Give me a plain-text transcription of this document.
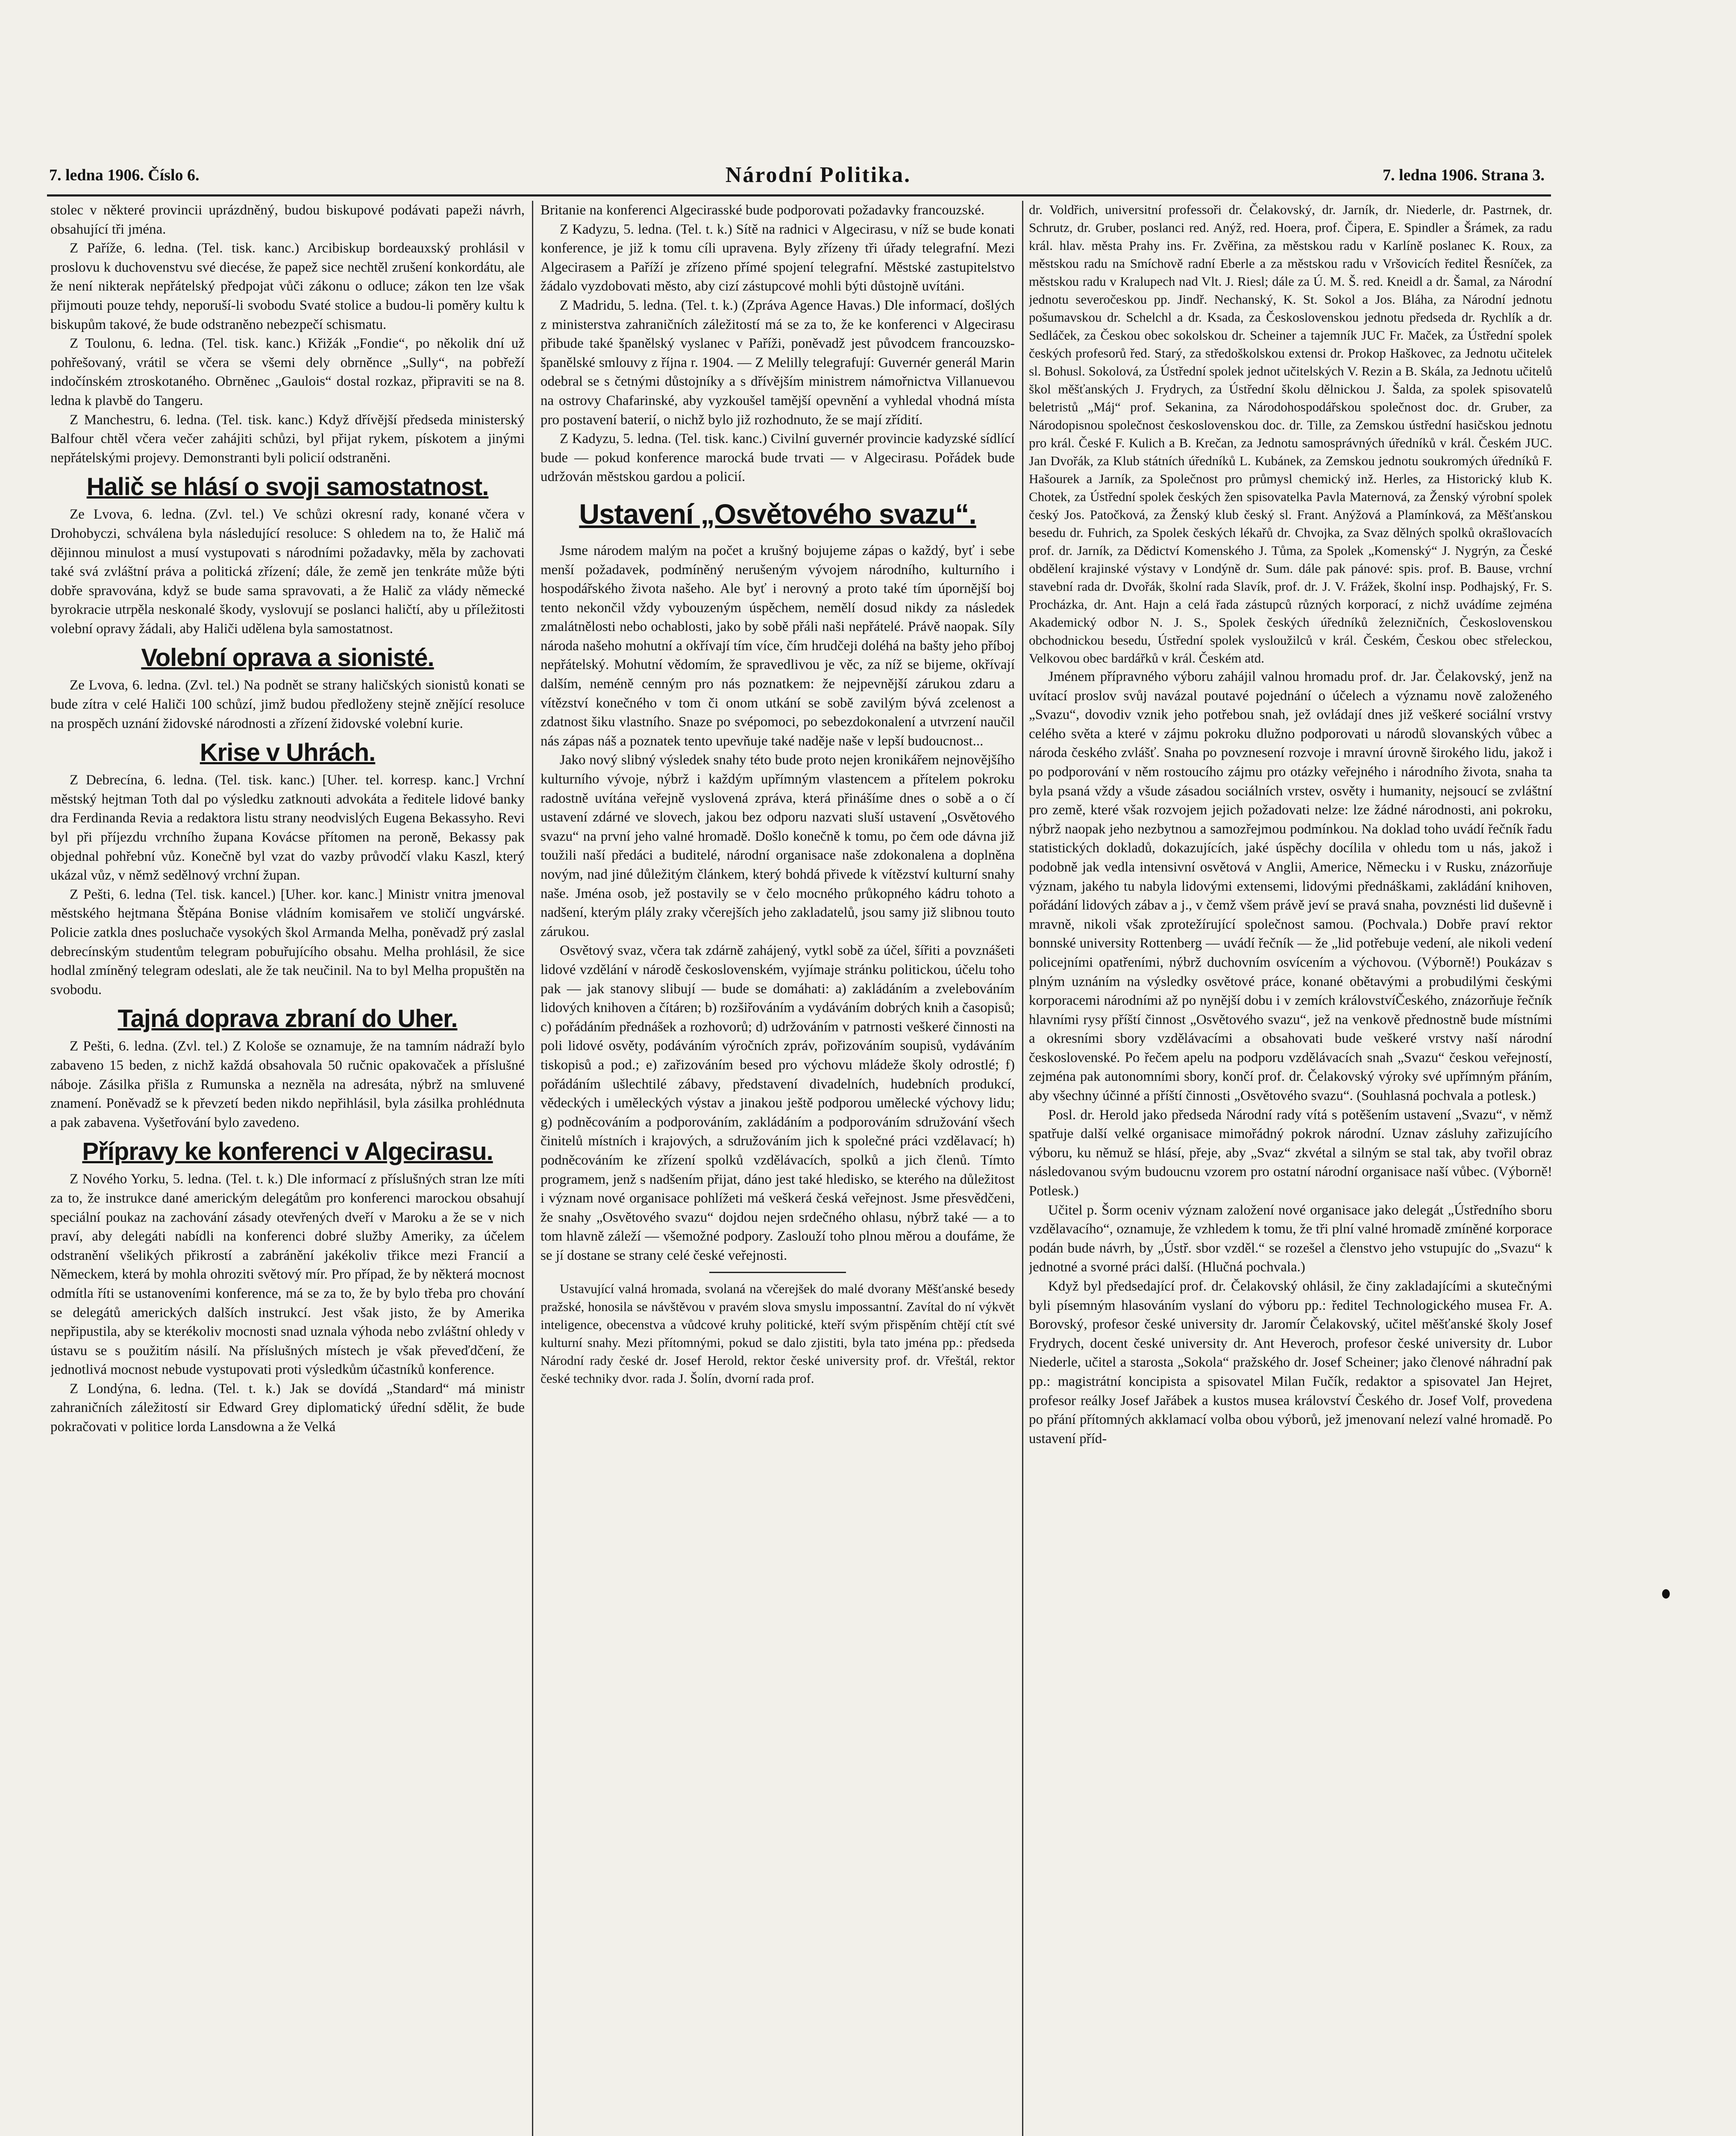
7. ledna 1906. Číslo 6.	Národní Politika.	7. ledna 1906. Strana 3.

stolec v některé provincii uprázdněný, budou biskupové podávati papeži návrh, obsahující tři jména.

Z Paříže, 6. ledna. (Tel. tisk. kanc.) Arcibiskup bordeauxský prohlásil v proslovu k duchovenstvu své diecése, že papež sice nechtěl zrušení konkordátu, ale že není nikterak nepřátelský předpojat vůči zákonu o odluce; zákon ten lze však přijmouti pouze tehdy, neporuší-li svobodu Svaté stolice a budou-li poměry kultu k biskupům takové, že bude odstraněno nebezpečí schismatu.

Z Toulonu, 6. ledna. (Tel. tisk. kanc.) Křižák „Fondie“, po několik dní už pohřešovaný, vrátil se včera se všemi dely obrněnce „Sully“, na pobřeží indočínském ztroskotaného. Obrněnec „Gaulois“ dostal rozkaz, připraviti se na 8. ledna k plavbě do Tangeru.

Z Manchestru, 6. ledna. (Tel. tisk. kanc.) Když dřívější předseda ministerský Balfour chtěl včera večer zahájiti schůzi, byl přijat rykem, pískotem a jinými nepřátelskými projevy. Demonstranti byli policií odstraněni.

Halič se hlásí o svoji samostatnost.

Ze Lvova, 6. ledna. (Zvl. tel.) Ve schůzi okresní rady, konané včera v Drohobyczi, schválena byla následující resoluce: S ohledem na to, že Halič má dějinnou minulost a musí vystupovati s národními požadavky, měla by zachovati také svá zvláštní práva a politická zřízení; dále, že země jen tenkráte může býti dobře spravována, když se bude sama spravovati, a že Halič za vlády německé byrokracie utrpěla neskonalé škody, vyslovují se poslanci haličtí, aby u příležitosti volební opravy žádali, aby Haliči udělena byla samostatnost.

Volební oprava a sionisté.

Ze Lvova, 6. ledna. (Zvl. tel.) Na podnět se strany haličských sionistů konati se bude zítra v celé Haliči 100 schůzí, jimž budou předloženy stejně znějící resoluce na prospěch uznání židovské národnosti a zřízení židovské volební kurie.

Krise v Uhrách.

Z Debrecína, 6. ledna. (Tel. tisk. kanc.) [Uher. tel. korresp. kanc.] Vrchní městský hejtman Toth dal po výsledku zatknouti advokáta a ředitele lidové banky dra Ferdinanda Revia a redaktora listu strany neodvislých Eugena Bekassyho. Revi byl při příjezdu vrchního župana Kovácse přítomen na peroně, Bekassy pak objednal pohřební vůz. Konečně byl vzat do vazby průvodčí vlaku Kaszl, který ukázal vůz, v němž sedělnový vrchní župan.

Z Pešti, 6. ledna (Tel. tisk. kancel.) [Uher. kor. kanc.] Ministr vnitra jmenoval městského hejtmana Štěpána Bonise vládním komisařem ve stoličí ungvárské. Policie zatkla dnes posluchače vysokých škol Armanda Melha, poněvadž prý zaslal debrecínským studentům telegram pobuřujícího obsahu. Melha prohlásil, že sice hodlal zmíněný telegram odeslati, ale že tak neučinil. Na to byl Melha propuštěn na svobodu.

Tajná doprava zbraní do Uher.

Z Pešti, 6. ledna. (Zvl. tel.) Z Kološe se oznamuje, že na tamním nádraží bylo zabaveno 15 beden, z nichž každá obsahovala 50 ručnic opakovaček a příslušné náboje. Zásilka přišla z Rumunska a nezněla na adresáta, nýbrž na smluvené znamení. Poněvadž se k převzetí beden nikdo nepřihlásil, byla zásilka prohlédnuta a pak zabavena. Vyšetřování bylo zavedeno.

Přípravy ke konferenci v Algecirasu.

Z Nového Yorku, 5. ledna. (Tel. t. k.) Dle informací z příslušných stran lze míti za to, že instrukce dané americkým delegátům pro konferenci marockou obsahují speciální poukaz na zachování zásady otevřených dveří v Maroku a že se v nich praví, aby delegáti nabídli na konferenci dobré služby Ameriky, za účelem odstranění všelikých přikrostí a zabránění jakékoliv třikce mezi Francií a Německem, která by mohla ohroziti světový mír. Pro případ, že by některá mocnost odmítla říti se ustanoveními konference, má se za to, že by bylo třeba pro chování se delegátů amerických dalších instrukcí. Jest však jisto, že by Amerika nepřipustila, aby se kterékoliv mocnosti snad uznala výhoda nebo zvláštní ohledy v ústavu se s použitím násilí. Na příslušných místech je však převeďdčení, že jednotlivá mocnost nebude vystupovati proti výsledkům účastníků konference.

Z Londýna, 6. ledna. (Tel. t. k.) Jak se dovídá „Standard“ má ministr zahraničních záležitostí sir Edward Grey diplomatický úřední sdělit, že bude pokračovati v politice lorda Lansdowna a že Velká

Britanie na konferenci Algecirasské bude podporovati požadavky francouzské.

Z Kadyzu, 5. ledna. (Tel. t. k.) Sítě na radnici v Algecirasu, v níž se bude konati konference, je již k tomu cíli upravena. Byly zřízeny tři úřady telegrafní. Mezi Algecirasem a Paříží je zřízeno přímé spojení telegrafní. Městské zastupitelstvo žádalo vyzdobovati město, aby cizí zástupcové mohli býti důstojně uvítáni.

Z Madridu, 5. ledna. (Tel. t. k.) (Zpráva Agence Havas.) Dle informací, došlých z ministerstva zahraničních záležitostí má se za to, že ke konferenci v Algecirasu přibude také španělský vyslanec v Paříži, poněvadž jest původcem francouzsko-španělské smlouvy z října r. 1904. — Z Melilly telegrafují: Guvernér generál Marin odebral se s četnými důstojníky a s dřívějším ministrem námořnictva Villanuevou na ostrovy Chafarinské, aby vyzkoušel tamější opevnění a vyhledal vhodná místa pro postavení baterií, o nichž bylo již rozhodnuto, že se mají zřídití.

Z Kadyzu, 5. ledna. (Tel. tisk. kanc.) Civilní guvernér provincie kadyzské sídlící bude — pokud konference marocká bude trvati — v Algecirasu. Pořádek bude udržován městskou gardou a policií.

Ustavení „Osvětového svazu“.

Jsme národem malým na počet a krušný bojujeme zápas o každý, byť i sebe menší požadavek, podmíněný nerušeným vývojem národního, kulturního i hospodářského života našeho. Ale byť i nerovný a proto také tím úpornější boj tento nekončil vždy vybouzeným úspěchem, nemělí dosud nikdy za následek zmalátnělosti nebo ochablosti, jako by sobě přáli naši nepřátelé. Právě naopak. Síly národa našeho mohutní a okřívají tím více, čím hrudčeji doléhá na bašty jeho příboj nepřátelský. Mohutní vědomím, že spravedlivou je věc, za níž se bijeme, okřívají dalším, neméně cenným pro nás poznatkem: že nejpevnější zárukou zdaru a vítězství konečného v tom či onom utkání se sobě zavilým bývá zcelenost a zdatnost šiku vlastního. Snaze po svépomoci, po sebezdokonalení a utvrzení naučil nás zápas náš a poznatek tento upevňuje také naděje naše v lepší budoucnost...

Jako nový slibný výsledek snahy této bude proto nejen kronikářem nejnovějšího kulturního vývoje, nýbrž i každým upřímným vlastencem a přítelem pokroku radostně uvítána veřejně vyslovená zpráva, která přinášíme dnes o sobě a o čí ustavení zdárné ve slovech, jakou bez odporu nazvati sluší ustavení „Osvětového svazu“ na první jeho valné hromadě. Došlo konečně k tomu, po čem ode dávna již toužili naší předáci a buditelé, národní organisace naše zdokonalena a doplněna novým, nad jiné důležitým článkem, který bohdá přivede k vítězství kulturní snahy naše. Jména osob, jež postavily se v čelo mocného průkopného kádru tohoto a nadšení, kterým plály zraky včerejších jeho zakladatelů, jsou samy již slibnou touto zárukou.

Osvětový svaz, včera tak zdárně zahájený, vytkl sobě za účel, šířiti a povznášeti lidové vzdělání v národě československém, vyjímaje stránku politickou, účelu toho pak — jak stanovy slibují — bude se domáhati: a) zakládáním a zvelebováním lidových knihoven a čítáren; b) rozšiřováním a vydáváním dobrých knih a časopisů; c) pořádáním přednášek a rozhovorů; d) udržováním v patrnosti veškeré činnosti na poli lidové osvěty, podáváním výročních zpráv, pořizováním soupisů, vydáváním tiskopisů a pod.; e) zařizováním besed pro výchovu mládeže školy odrostlé; f) pořádáním ušlechtilé zábavy, představení divadelních, hudebních produkcí, vědeckých i uměleckých výstav a jinakou ještě podporou umělecké výchovy lidu; g) podněcováním a podporováním, zakládáním a podporováním sdružování všech činitelů místních i krajových, a sdružováním jich k společné práci vzdělavací; h) podněcováním ke zřízení spolků vzdělávacích, spolků a jich členů. Tímto programem, jenž s nadšením přijat, dáno jest také hledisko, se kterého na důležitost i význam nové organisace pohlížeti má veškerá česká veřejnost. Jsme přesvědčeni, že snahy „Osvětového svazu“ dojdou nejen srdečného ohlasu, nýbrž také — a to tom hlavně záleží — všemožné podpory. Zaslouží toho plnou měrou a doufáme, že se jí dostane se strany celé české veřejnosti.

Ustavující valná hromada, svolaná na včerejšek do malé dvorany Měšťanské besedy pražské, honosila se návštěvou v pravém slova smyslu impossantní. Zavítal do ní výkvět inteligence, obecenstva a vůdcové kruhy politické, kteří svým přispěním chtějí ctít své kulturní snahy. Mezi přítomnými, pokud se dalo zjistiti, byla tato jména pp.: předseda Národní rady české dr. Josef Herold, rektor české university prof. dr. Vřeštál, rektor české techniky dvor. rada J. Šolín, dvorní rada prof.

dr. Voldřich, universitní professoři dr. Čelakovský, dr. Jarník, dr. Niederle, dr. Pastrnek, dr. Schrutz, dr. Gruber, poslanci red. Anýž, red. Hoera, prof. Čipera, E. Spindler a Šrámek, za radu král. hlav. města Prahy ins. Fr. Zvěřina, za městskou radu v Karlíně poslanec K. Roux, za městskou radu na Smíchově radní Eberle a za městskou radu v Vršovicích ředitel Řesníček, za městskou radu v Kralupech nad Vlt. J. Riesl; dále za Ú. M. Š. red. Kneidl a dr. Šamal, za Národní jednotu severočeskou pp. Jindř. Nechanský, K. St. Sokol a Jos. Bláha, za Národní jednotu pošumavskou dr. Schelchl a dr. Ksada, za Československou jednotu předseda dr. Rychlík a dr. Sedláček, za Českou obec sokolskou dr. Scheiner a tajemník JUC Fr. Maček, za Ústřední spolek českých profesorů řed. Starý, za středoškolskou extensi dr. Prokop Haškovec, za Jednotu učitelek sl. Bohusl. Sokolová, za Ústřední spolek jednot učitelských V. Rezin a B. Skála, za Jednotu učitelů škol měšťanských J. Frydrych, za Ústřední školu dělnickou J. Šalda, za spolek spisovatelů beletristů „Máj“ prof. Sekanina, za Národohospodářskou společnost doc. dr. Gruber, za Národopisnou společnost československou doc. dr. Tille, za Zemskou ústřední hasičskou jednotu pro král. České F. Kulich a B. Krečan, za Jednotu samosprávných úředníků v král. Českém JUC. Jan Dvořák, za Klub státních úředníků L. Kubánek, za Zemskou jednotu soukromých úředníků F. Hašourek a Jarník, za Společnost pro průmysl chemický inž. Herles, za Historický klub K. Chotek, za Ústřední spolek českých žen spisovatelka Pavla Maternová, za Ženský výrobní spolek český Jos. Patočková, za Ženský klub český sl. Frant. Anýžová a Plamínková, za Měšťanskou besedu dr. Fuhrich, za Spolek českých lékařů dr. Chvojka, za Svaz dělných spolků okrašlovacích prof. dr. Jarník, za Dědictví Komenského J. Tůma, za Spolek „Komenský“ J. Nygrýn, za České obdělení krajinské výstavy v Londýně dr. Sum. dále pak pánové: spis. prof. B. Bause, vrchní stavební rada dr. Dvořák, školní rada Slavík, prof. dr. J. V. Frážek, školní insp. Podhajský, Fr. S. Procházka, dr. Ant. Hajn a celá řada zástupců různých korporací, z nichž uvádíme zejména Akademický odbor N. J. S., Spolek českých úředníků železničních, Československou obchodnickou besedu, Ústřední spolek vysloužilců v král. Českém, Českou obec střeleckou, Velkovou obec bardářků v král. Českém atd.

Jménem přípravného výboru zahájil valnou hromadu prof. dr. Jar. Čelakovský, jenž na uvítací proslov svůj navázal poutavé pojednání o účelech a významu nově založeného „Svazu“, dovodiv vznik jeho potřebou snah, jež ovládají dnes již veškeré sociální vrstvy celého světa a které v zájmu pokroku dlužno podporovati u národů slovanských vůbec a národa českého zvlášť. Snaha po povznesení rozvoje i mravní úrovně širokého lidu, jakož i po podporování v něm rostoucího zájmu pro otázky veřejného i národního života, snaha ta byla psaná vždy a všude zásadou sociálních vrstev, osvěty i humanity, nejsoucí se zvláštní pro země, které však rozvojem jejich požadovati nelze: lze žádné národnosti, ani pokroku, nýbrž naopak jeho nezbytnou a samozřejmou podmínkou. Na doklad toho uvádí řečník řadu statistických dokladů, dokazujících, jaké úspěchy docílila v ohledu tom u nás, jakož i podobně jak vedla intensivní osvětová v Anglii, Americe, Německu i v Rusku, znázorňuje význam, jakého tu nabyla lidovými extensemi, lidovými přednáškami, zakládání knihoven, pořádání lidových zábav a j., v čemž všem právě jeví se pravá snaha, povznésti lid duševně i mravně, nikoli však zprotežírující společnost samou. (Pochvala.) Dobře praví rektor bonnské university Rottenberg — uvádí řečník — že „lid potřebuje vedení, ale nikoli vedení policejními opatřeními, nýbrž duchovním osvícením a výchovou. (Výborně!) Poukázav s plným uznáním na výsledky osvětové práce, konané obětavými a probudilými českými korporacemi národními až po nynější dobu i v zemích královstvíČeského, znázorňuje řečník hlavními rysy příští činnost „Osvětového svazu“, jež na venkově přednostně bude místními a okresními sbory vzdělávacími a obsahovati bude veškeré vrstvy naší národní československé. Po řečem apelu na podporu vzdělávacích snah „Svazu“ českou veřejností, zejména pak autonomními sbory, končí prof. dr. Čelakovský výroky své upřímným přáním, aby všechny účinné a příští činnosti „Osvětového svazu“. (Souhlasná pochvala a potlesk.)

Posl. dr. Herold jako předseda Národní rady vítá s potěšením ustavení „Svazu“, v němž spatřuje další velké organisace mimořádný pokrok národní. Uznav zásluhy zařizujícího výboru, ku němuž se hlásí, přeje, aby „Svaz“ zkvétal a silným se stal tak, aby tvořil obraz následovanou svým budoucnu vzorem pro ostatní národní organisace naší vůbec. (Výborně! Potlesk.)

Učitel p. Šorm oceniv význam založení nové organisace jako delegát „Ústředního sboru vzdělavacího“, oznamuje, že vzhledem k tomu, že tři plní valné hromadě zmíněné korporace podán bude návrh, by „Ústř. sbor vzděl.“ se rozešel a členstvo jeho vstupujíc do „Svazu“ k jednotné a svorné práci další. (Hlučná pochvala.)

Když byl předsedající prof. dr. Čelakovský ohlásil, že činy zakladajícími a skutečnými byli písemným hlasováním vyslaní do výboru pp.: ředitel Technologického musea Fr. A. Borovský, profesor české university dr. Jaromír Čelakovský, učitel měšťanské školy Josef Frydrych, docent české university dr. Ant Heveroch, profesor české university dr. Lubor Niederle, učitel a starosta „Sokola“ pražského dr. Josef Scheiner; jako členové náhradní pak pp.: magistrátní koncipista a spisovatel Milan Fučík, redaktor a spisovatel Jan Hejret, profesor reálky Josef Jařábek a kustos musea království Českého dr. Josef Volf, provedena po přání přítomných akklamací volba obou výborů, jež jmenovaní nelezí valné hromadě. Po ustavení příd-
